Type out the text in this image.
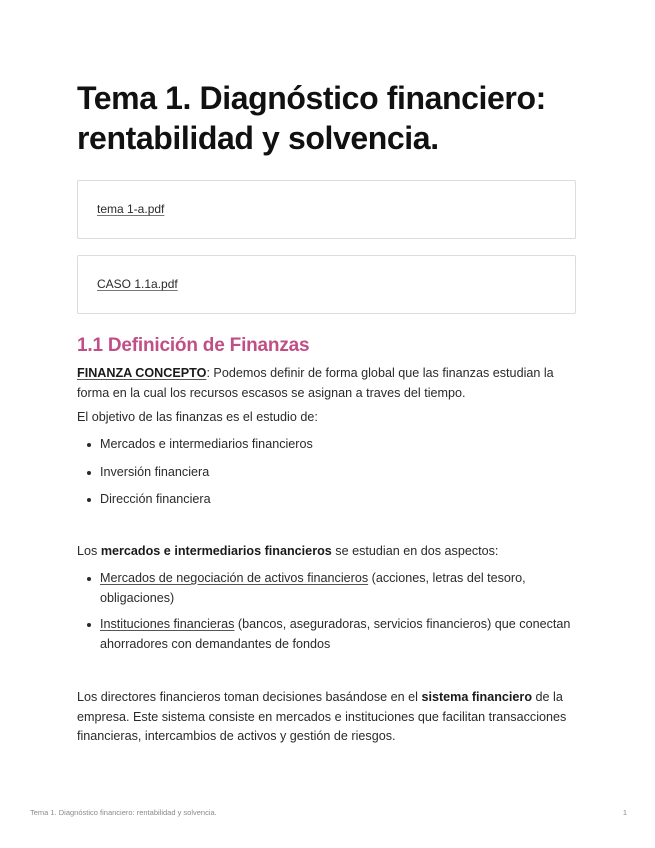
Tema 1. Diagnóstico financiero: rentabilidad y solvencia.
tema 1-a.pdf
CASO 1.1a.pdf
1.1 Definición de Finanzas

FINANZA CONCEPTO: Podemos definir de forma global que las finanzas estudian la forma en la cual los recursos escasos se asignan a traves del tiempo.

El objetivo de las finanzas es el estudio de:

Mercados e intermediarios financieros
Inversión financiera
Dirección financiera

Los mercados e intermediarios financieros se estudian en dos aspectos:

Mercados de negociación de activos financieros (acciones, letras del tesoro, obligaciones)
Instituciones financieras (bancos, aseguradoras, servicios financieros) que conectan ahorradores con demandantes de fondos

Los directores financieros toman decisiones basándose en el sistema financiero de la empresa. Este sistema consiste en mercados e instituciones que facilitan transacciones financieras, intercambios de activos y gestión de riesgos.

Tema 1. Diagnóstico financiero: rentabilidad y solvencia.	1
